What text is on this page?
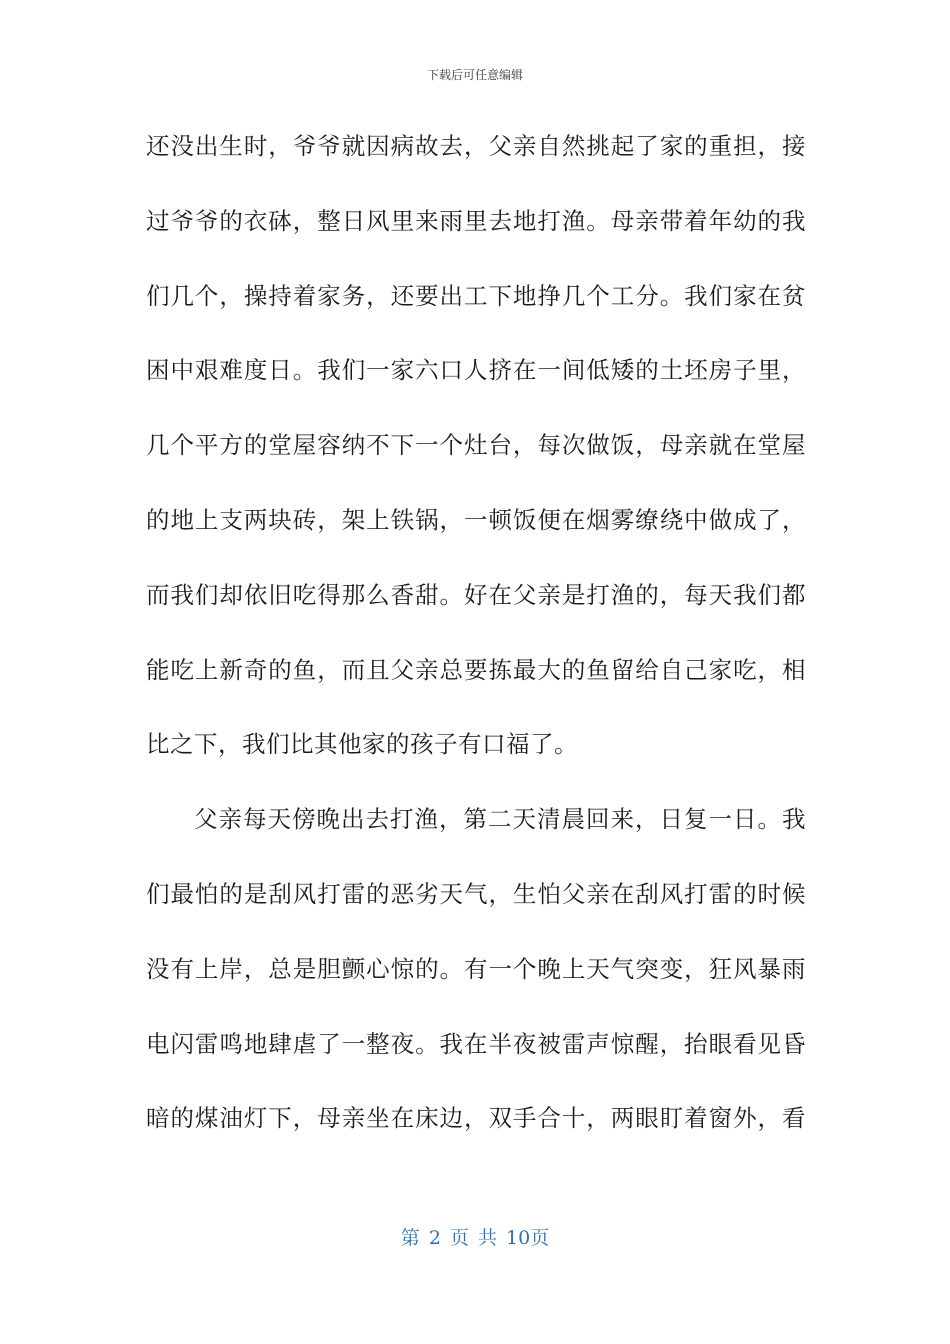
下载后可任意编辑
还没出生时，爷爷就因病故去，父亲自然挑起了家的重担，接
过爷爷的衣砵，整日风里来雨里去地打渔。母亲带着年幼的我
们几个，操持着家务，还要出工下地挣几个工分。我们家在贫
困中艰难度日。我们一家六口人挤在一间低矮的土坯房子里，
几个平方的堂屋容纳不下一个灶台，每次做饭，母亲就在堂屋
的地上支两块砖，架上铁锅，一顿饭便在烟雾缭绕中做成了，
而我们却依旧吃得那么香甜。好在父亲是打渔的，每天我们都
能吃上新奇的鱼，而且父亲总要拣最大的鱼留给自己家吃，相
比之下，我们比其他家的孩子有口福了。
父亲每天傍晚出去打渔，第二天清晨回来，日复一日。我
们最怕的是刮风打雷的恶劣天气，生怕父亲在刮风打雷的时候
没有上岸，总是胆颤心惊的。有一个晚上天气突变，狂风暴雨
电闪雷鸣地肆虐了一整夜。我在半夜被雷声惊醒，抬眼看见昏
暗的煤油灯下，母亲坐在床边，双手合十，两眼盯着窗外，看
第 2 页 共 10页
